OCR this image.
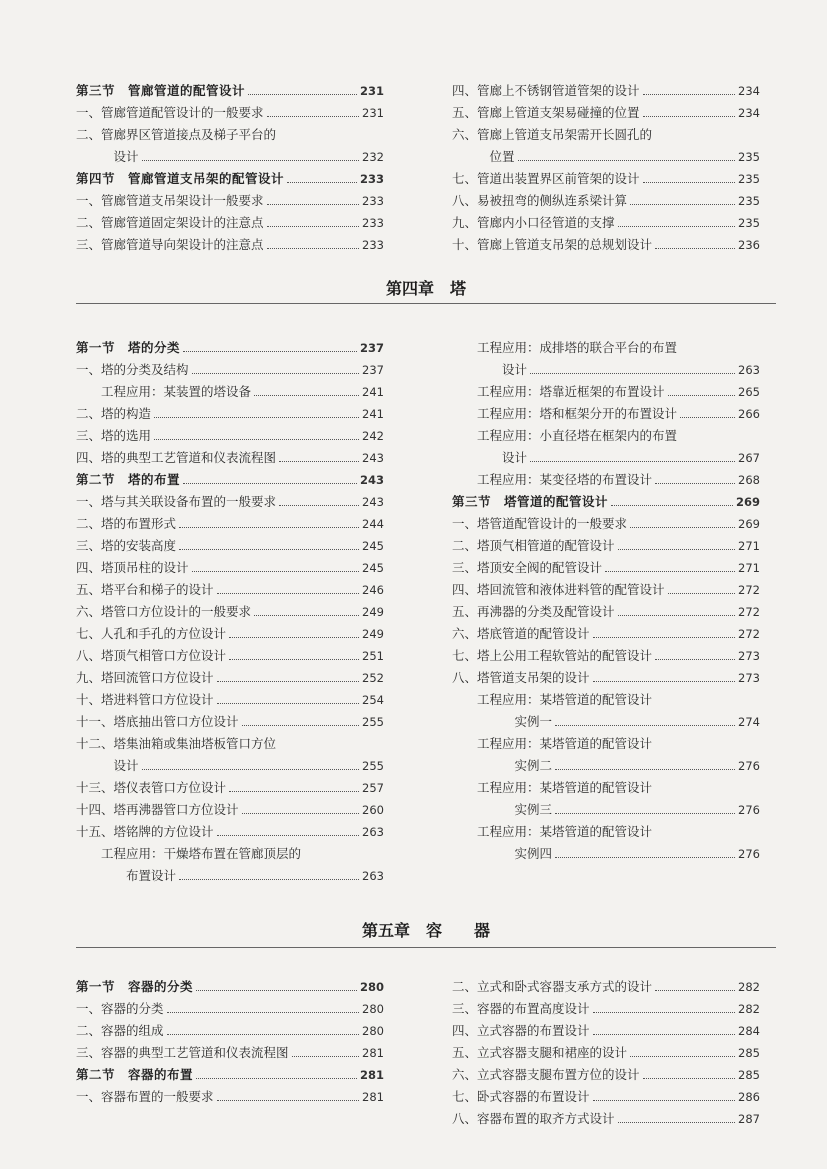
第四章　塔
第五章　容　　器
第三节　管廊管道的配管设计	231
一、管廊管道配管设计的一般要求	231
二、管廊界区管道接点及梯子平台的
设计	232
第四节　管廊管道支吊架的配管设计	233
一、管廊管道支吊架设计一般要求	233
二、管廊管道固定架设计的注意点	233
三、管廊管道导向架设计的注意点	233
四、管廊上不锈钢管道管架的设计	234
五、管廊上管道支架易碰撞的位置	234
六、管廊上管道支吊架需开长圆孔的
位置	235
七、管道出装置界区前管架的设计	235
八、易被扭弯的侧纵连系梁计算	235
九、管廊内小口径管道的支撑	235
十、管廊上管道支吊架的总规划设计	236
第一节　塔的分类	237
一、塔的分类及结构	237
工程应用：某装置的塔设备	241
二、塔的构造	241
三、塔的选用	242
四、塔的典型工艺管道和仪表流程图	243
第二节　塔的布置	243
一、塔与其关联设备布置的一般要求	243
二、塔的布置形式	244
三、塔的安装高度	245
四、塔顶吊柱的设计	245
五、塔平台和梯子的设计	246
六、塔管口方位设计的一般要求	249
七、人孔和手孔的方位设计	249
八、塔顶气相管口方位设计	251
九、塔回流管口方位设计	252
十、塔进料管口方位设计	254
十一、塔底抽出管口方位设计	255
十二、塔集油箱或集油塔板管口方位
设计	255
十三、塔仪表管口方位设计	257
十四、塔再沸器管口方位设计	260
十五、塔铭牌的方位设计	263
工程应用：干燥塔布置在管廊顶层的
布置设计	263
工程应用：成排塔的联合平台的布置
设计	263
工程应用：塔靠近框架的布置设计	265
工程应用：塔和框架分开的布置设计	266
工程应用：小直径塔在框架内的布置
设计	267
工程应用：某变径塔的布置设计	268
第三节　塔管道的配管设计	269
一、塔管道配管设计的一般要求	269
二、塔顶气相管道的配管设计	271
三、塔顶安全阀的配管设计	271
四、塔回流管和液体进料管的配管设计	272
五、再沸器的分类及配管设计	272
六、塔底管道的配管设计	272
七、塔上公用工程软管站的配管设计	273
八、塔管道支吊架的设计	273
工程应用：某塔管道的配管设计
实例一	274
工程应用：某塔管道的配管设计
实例二	276
工程应用：某塔管道的配管设计
实例三	276
工程应用：某塔管道的配管设计
实例四	276
第一节　容器的分类	280
一、容器的分类	280
二、容器的组成	280
三、容器的典型工艺管道和仪表流程图	281
第二节　容器的布置	281
一、容器布置的一般要求	281
二、立式和卧式容器支承方式的设计	282
三、容器的布置高度设计	282
四、立式容器的布置设计	284
五、立式容器支腿和裙座的设计	285
六、立式容器支腿布置方位的设计	285
七、卧式容器的布置设计	286
八、容器布置的取齐方式设计	287
